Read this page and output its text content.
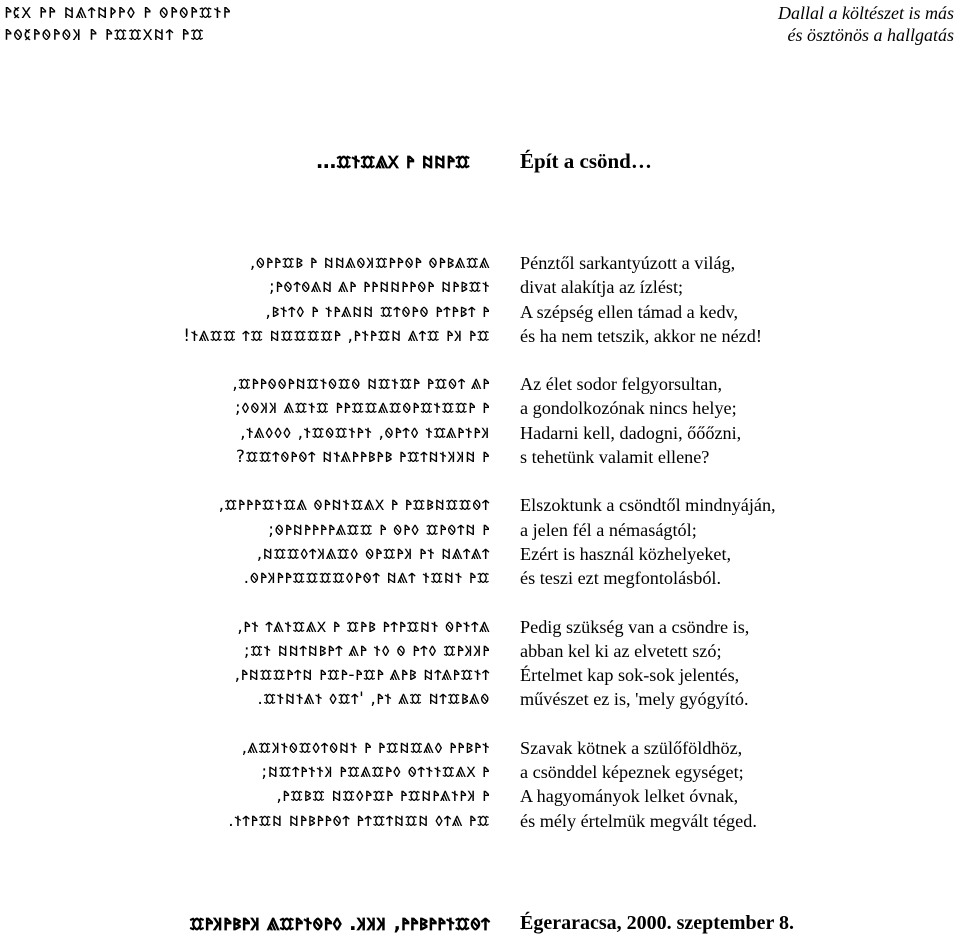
𐳀𐳉𐳂 𐳀𐳀 𐳆𐳖𐳄𐳆𐳁𐳀𐳓 𐳀 𐳗𐳀𐳗𐳀𐳃𐳐𐳀
𐳀𐳗𐳉𐳀𐳗𐳀𐳗𐳞 𐳀 𐳀𐳃𐳃𐳂𐳆𐳄 𐳀𐳃
Dallal a költészet is más
és ösztönös a hallgatás
…𐳃𐳐𐳃𐳖𐳂 𐳀 𐳆𐳆𐳀𐳃 Épít a csönd…
‚𐳗𐳀𐳀𐳃𐳘 𐳀 𐳆𐳆𐳖𐳗𐳞𐳃𐳀𐳀𐳗𐳀 𐳗𐳀𐳘𐳖𐳃𐳖
;𐳀𐳗𐳄𐳗𐳖𐳆 𐳖𐳀 𐳀𐳀𐳆𐳆𐳀𐳀𐳗𐳀 𐳆𐳀𐳘𐳃𐳐
‚𐳘𐳐𐳄𐳓 𐳀 𐳐𐳀𐳖𐳆𐳆 𐳃𐳄𐳗𐳀𐳗 𐳀𐳄𐳀𐳘𐳄 𐳀
!𐳐𐳖𐳃𐳃 𐳄𐳃 𐳆𐳃𐳃𐳃𐳃𐳀 ‚𐳀𐳐𐳀𐳃𐳆 𐳖𐳄𐳃 𐳀𐳞 𐳀𐳃
‚𐳃𐳀𐳀𐳗𐳗𐳀𐳆𐳃𐳐𐳗𐳃𐳗 𐳆𐳃𐳐𐳃𐳀 𐳀𐳃𐳗𐳄 𐳖𐳀
;𐳓𐳗𐳞𐳞 𐳖𐳃𐳐𐳃 𐳀𐳀𐳃𐳃𐳖𐳃𐳗𐳀𐳃𐳐𐳃𐳃𐳀 𐳀
‚𐳐𐳖𐳓𐳓𐳓 ‚𐳐𐳃𐳗𐳃𐳐𐳀𐳐 ‚𐳗𐳀𐳄𐳓 𐳐𐳃𐳖𐳀𐳐𐳀𐳞
?𐳃𐳃𐳄𐳗𐳀𐳗𐳄 𐳆𐳐𐳖𐳀𐳀𐳘𐳀𐳘 𐳀𐳃𐳄𐳆𐳐𐳞𐳞𐳆 𐳀
‚𐳃𐳀𐳀𐳀𐳃𐳐𐳃𐳖 𐳗𐳀𐳆𐳐𐳃𐳖𐳂 𐳀 𐳀𐳃𐳘𐳆𐳃𐳃𐳗𐳄
;𐳗𐳀𐳆𐳀𐳀𐳀𐳀𐳖𐳃𐳃 𐳀 𐳗𐳀𐳓 𐳃𐳀𐳗𐳄𐳆 𐳀
‚𐳆𐳃𐳃𐳓𐳄𐳞𐳖𐳃𐳓 𐳗𐳀𐳃𐳀𐳞 𐳀𐳐 𐳆𐳖𐳄𐳖𐳄
.𐳗𐳀𐳞𐳀𐳀𐳃𐳃𐳃𐳃𐳓𐳀𐳗𐳄 𐳆𐳖𐳄 𐳐𐳃𐳆𐳐 𐳀𐳃
‚𐳀𐳐 𐳄𐳖𐳐𐳃𐳖𐳂 𐳀 𐳃𐳀𐳘 𐳀𐳄𐳀𐳃𐳆𐳐 𐳗𐳀𐳐𐳄𐳖
;𐳃𐳐 𐳆𐳆𐳄𐳆𐳘𐳀𐳄 𐳖𐳀 𐳐𐳓 𐳗 𐳀𐳄𐳓 𐳃𐳀𐳞𐳞𐳀
‚𐳀𐳆𐳃𐳃𐳀𐳄𐳆 𐳀𐳃𐳀-𐳀𐳃𐳀 𐳖𐳀𐳘 𐳆𐳄𐳖𐳀𐳃𐳐𐳄
.𐳃𐳐𐳆𐳐𐳖𐳐 𐳓𐳃𐳄' ‚𐳀𐳐 𐳖𐳃 𐳆𐳄𐳃𐳘𐳖𐳗
‚𐳖𐳃𐳞𐳐𐳗𐳃𐳓𐳄𐳗𐳆𐳐 𐳀 𐳀𐳃𐳆𐳃𐳖𐳓 𐳀𐳀𐳘𐳀𐳐
;𐳆𐳃𐳄𐳀𐳐𐳐𐳞 𐳀𐳃𐳖𐳃𐳀𐳓 𐳗𐳄𐳐𐳐𐳃𐳖𐳂 𐳀
‚𐳀𐳃𐳘𐳃 𐳆𐳃𐳓𐳀𐳃𐳀 𐳀𐳃𐳆𐳀𐳖𐳐𐳀𐳞 𐳀
.𐳐𐳄𐳀𐳃𐳆 𐳆𐳀𐳘𐳀𐳀𐳗𐳄 𐳀𐳄𐳃𐳄𐳆𐳃𐳆 𐳓𐳄𐳖 𐳀𐳃
Pénztől sarkantyúzott a világ,
divat alakítja az ízlést;
A szépség ellen támad a kedv,
és ha nem tetszik, akkor ne nézd!
Az élet sodor felgyorsultan,
a gondolkozónak nincs helye;
Hadarni kell, dadogni, őőőzni,
s tehetünk valamit ellene?
Elszoktunk a csöndtől mindnyáján,
a jelen fél a némaságtól;
Ezért is használ közhelyeket,
és teszi ezt megfontolásból.
Pedig szükség van a csöndre is,
abban kel ki az elvetett szó;
Értelmet kap sok-sok jelentés,
művészet ez is, 'mely gyógyító.
Szavak kötnek a szülőföldhöz,
a csönddel képeznek egységet;
A hagyományok lelket óvnak,
és mély értelmük megvált téged.
𐳃𐳀𐳞𐳀𐳘𐳀𐳞 𐳖𐳃𐳀𐳐𐳗𐳀𐳓 .𐳞𐳞𐳞 ‚𐳀𐳀𐳘𐳀𐳀𐳐𐳃𐳗𐳄 Égeraracsa, 2000. szeptember 8.
